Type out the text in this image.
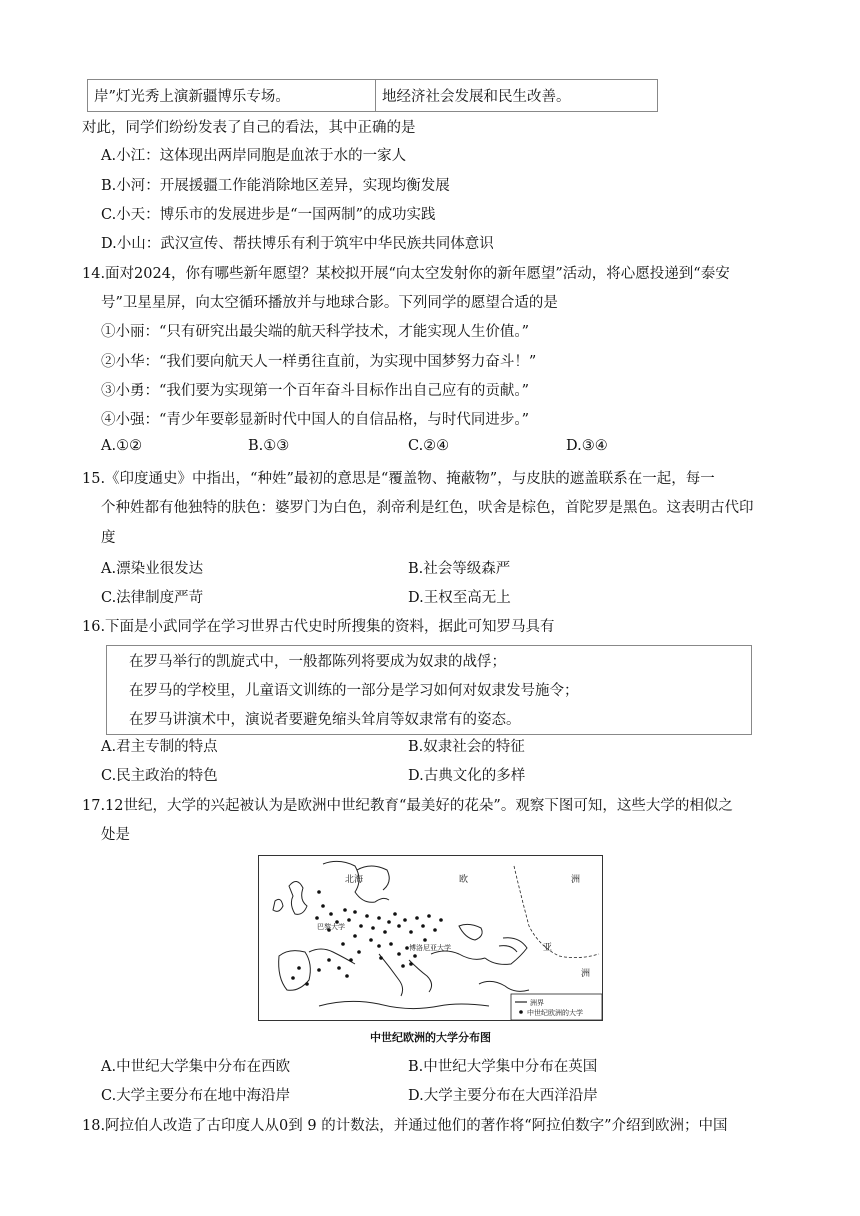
岸”灯光秀上演新疆博乐专场。	地经济社会发展和民生改善。
对此，同学们纷纷发表了自己的看法，其中正确的是
A.小江：这体现出两岸同胞是血浓于水的一家人
B.小河：开展援疆工作能消除地区差异，实现均衡发展
C.小天：博乐市的发展进步是“一国两制”的成功实践
D.小山：武汉宣传、帮扶博乐有利于筑牢中华民族共同体意识
14.面对2024，你有哪些新年愿望？某校拟开展“向太空发射你的新年愿望”活动，将心愿投递到“泰安
号”卫星星屏，向太空循环播放并与地球合影。下列同学的愿望合适的是
①小丽：“只有研究出最尖端的航天科学技术，才能实现人生价值。”
②小华：“我们要向航天人一样勇往直前，为实现中国梦努力奋斗！”
③小勇：“我们要为实现第一个百年奋斗目标作出自己应有的贡献。”
④小强：“青少年要彰显新时代中国人的自信品格，与时代同进步。”
A.①②	B.①③	C.②④	D.③④
15.《印度通史》中指出，“种姓”最初的意思是“覆盖物、掩蔽物”，与皮肤的遮盖联系在一起，每一
个种姓都有他独特的肤色：婆罗门为白色，刹帝利是红色，吠舍是棕色，首陀罗是黑色。这表明古代印
度
A.漂染业很发达	B.社会等级森严
C.法律制度严苛	D.王权至高无上
16.下面是小武同学在学习世界古代史时所搜集的资料，据此可知罗马具有
在罗马举行的凯旋式中，一般都陈列将要成为奴隶的战俘；
在罗马的学校里，儿童语文训练的一部分是学习如何对奴隶发号施令；
在罗马讲演术中，演说者要避免缩头耸肩等奴隶常有的姿态。
A.君主专制的特点	B.奴隶社会的特征
C.民主政治的特色	D.古典文化的多样
17.12世纪，大学的兴起被认为是欧洲中世纪教育“最美好的花朵”。观察下图可知，这些大学的相似之
处是
北海	欧	洲
亚
洲
巴黎大学
博洛尼亚大学
洲界
中世纪欧洲的大学
中世纪欧洲的大学分布图
A.中世纪大学集中分布在西欧	B.中世纪大学集中分布在英国
C.大学主要分布在地中海沿岸	D.大学主要分布在大西洋沿岸
18.阿拉伯人改造了古印度人从0到 9 的计数法，并通过他们的著作将“阿拉伯数字”介绍到欧洲；中国
